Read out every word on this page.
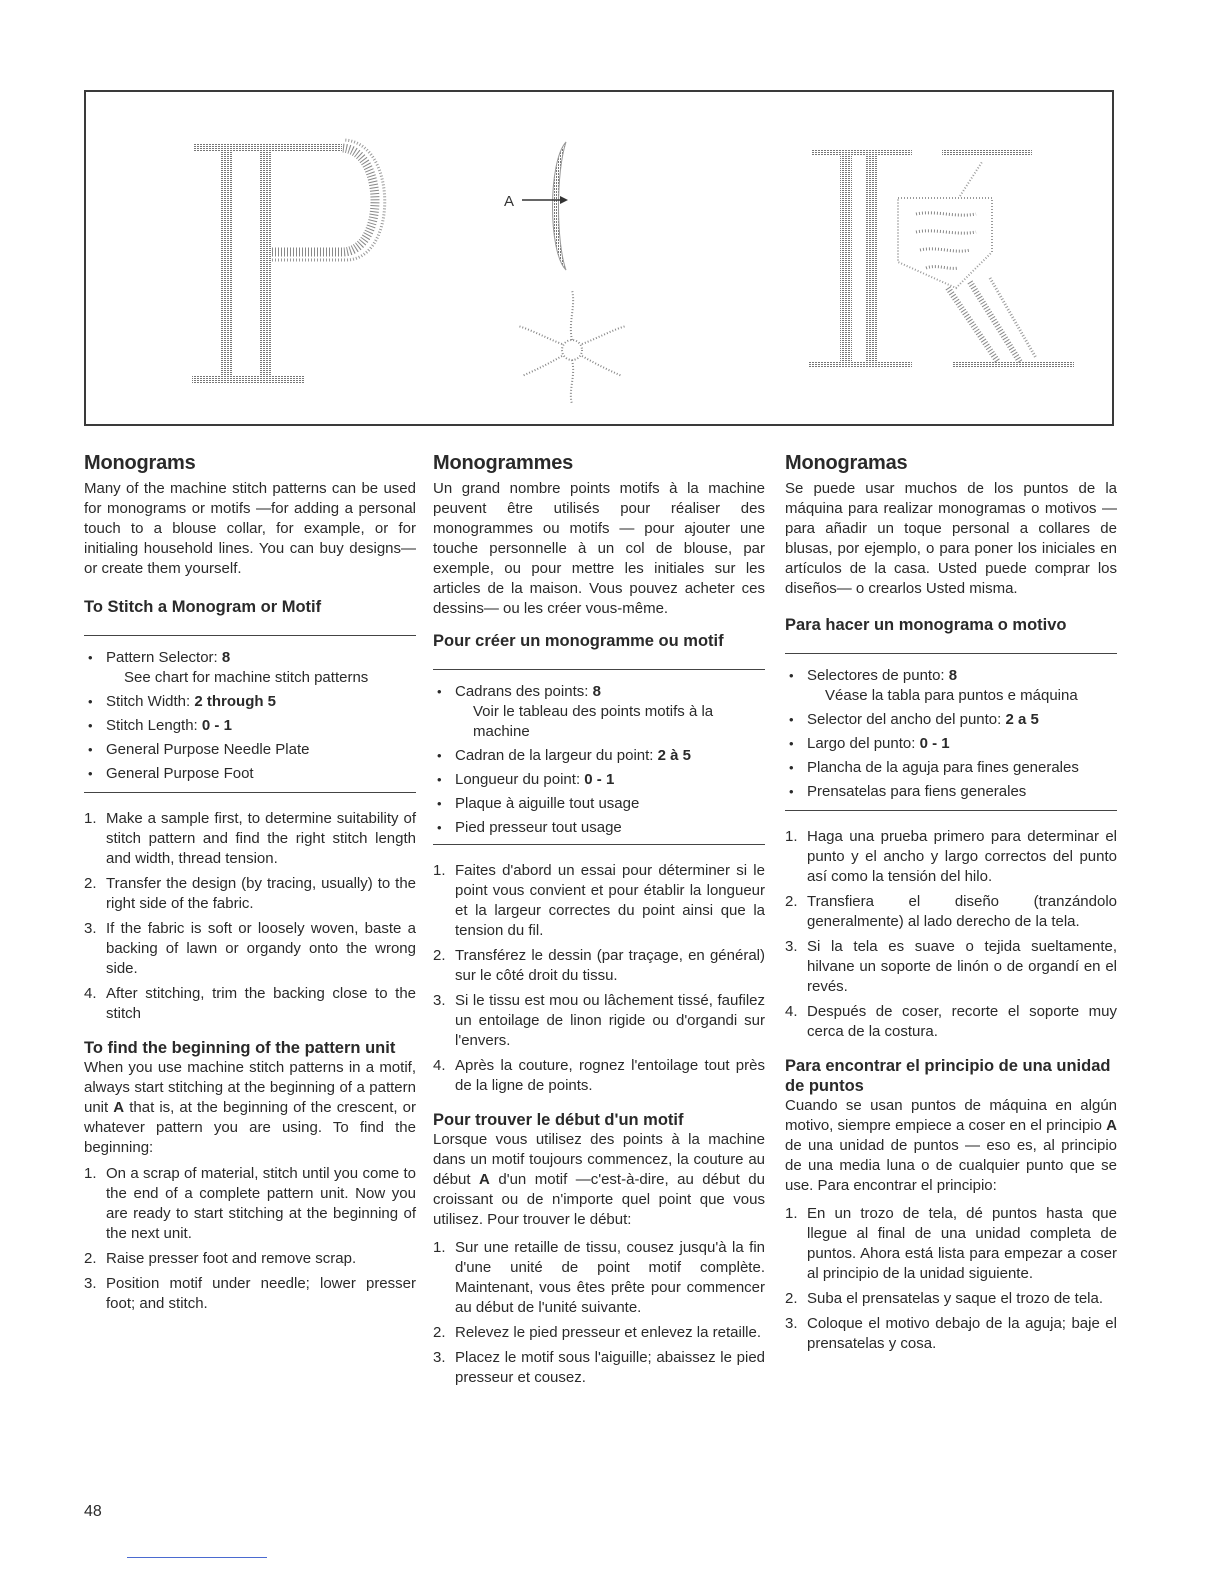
A
Monograms

Many of the machine stitch patterns can be used for monograms or motifs —for adding a personal touch to a blouse collar, for example, or for initialing household lines. You can buy designs— or create them yourself.

To Stitch a Monogram or Motif
• Pattern Selector: 8
See chart for machine stitch patterns
• Stitch Width: 2 through 5
• Stitch Length: 0 - 1
• General Purpose Needle Plate
• General Purpose Foot
1. Make a sample first, to determine suitability of stitch pattern and find the right stitch length and width, thread tension.
2. Transfer the design (by tracing, usually) to the right side of the fabric.
3. If the fabric is soft or loosely woven, baste a backing of lawn or organdy onto the wrong side.
4. After stitching, trim the backing close to the stitch
To find the beginning of the pattern unit

When you use machine stitch patterns in a motif, always start stitching at the beginning of a pattern unit A that is, at the beginning of the crescent, or whatever pattern you are using. To find the beginning:

1. On a scrap of material, stitch until you come to the end of a complete pattern unit. Now you are ready to start stitching at the beginning of the next unit.
2. Raise presser foot and remove scrap.
3. Position motif under needle; lower presser foot; and stitch.
Monogrammes

Un grand nombre points motifs à la machine peuvent être utilisés pour réaliser des monogrammes ou motifs — pour ajouter une touche personnelle à un col de blouse, par exemple, ou pour mettre les initiales sur les articles de la maison. Vous pouvez acheter ces dessins— ou les créer vous-même.

Pour créer un monogramme ou motif
• Cadrans des points: 8
Voir le tableau des points motifs à la machine
• Cadran de la largeur du point: 2 à 5
• Longueur du point: 0 - 1
• Plaque à aiguille tout usage
• Pied presseur tout usage
1. Faites d'abord un essai pour déterminer si le point vous convient et pour établir la longueur et la largeur correctes du point ainsi que la tension du fil.
2. Transférez le dessin (par traçage, en général) sur le côté droit du tissu.
3. Si le tissu est mou ou lâchement tissé, faufilez un entoilage de linon rigide ou d'organdi sur l'envers.
4. Après la couture, rognez l'entoilage tout près de la ligne de points.
Pour trouver le début d'un motif

Lorsque vous utilisez des points à la machine dans un motif toujours commencez, la couture au début A d'un motif —c'est-à-dire, au début du croissant ou de n'importe quel point que vous utilisez. Pour trouver le début:

1. Sur une retaille de tissu, cousez jusqu'à la fin d'une unité de point motif complète. Maintenant, vous êtes prête pour commencer au début de l'unité suivante.
2. Relevez le pied presseur et enlevez la retaille.
3. Placez le motif sous l'aiguille; abaissez le pied presseur et cousez.
Monogramas

Se puede usar muchos de los puntos de la máquina para realizar monogramas o motivos —para añadir un toque personal a collares de blusas, por ejemplo, o para poner los iniciales en artículos de la casa. Usted puede comprar los diseños— o crearlos Usted misma.

Para hacer un monograma o motivo
• Selectores de punto: 8
Véase la tabla para puntos e máquina
• Selector del ancho del punto: 2 a 5
• Largo del punto: 0 - 1
• Plancha de la aguja para fines generales
• Prensatelas para fiens generales
1. Haga una prueba primero para determinar el punto y el ancho y largo correctos del punto así como la tensión del hilo.
2. Transfiera el diseño (tranzándolo generalmente) al lado derecho de la tela.
3. Si la tela es suave o tejida sueltamente, hilvane un soporte de linón o de organdí en el revés.
4. Después de coser, recorte el soporte muy cerca de la costura.
Para encontrar el principio de una unidad de puntos

Cuando se usan puntos de máquina en algún motivo, siempre empiece a coser en el principio A de una unidad de puntos — eso es, al principio de una media luna o de cualquier punto que se use. Para encontrar el principio:

1. En un trozo de tela, dé puntos hasta que llegue al final de una unidad completa de puntos. Ahora está lista para empezar a coser al principio de la unidad siguiente.
2. Suba el prensatelas y saque el trozo de tela.
3. Coloque el motivo debajo de la aguja; baje el prensatelas y cosa.
48
